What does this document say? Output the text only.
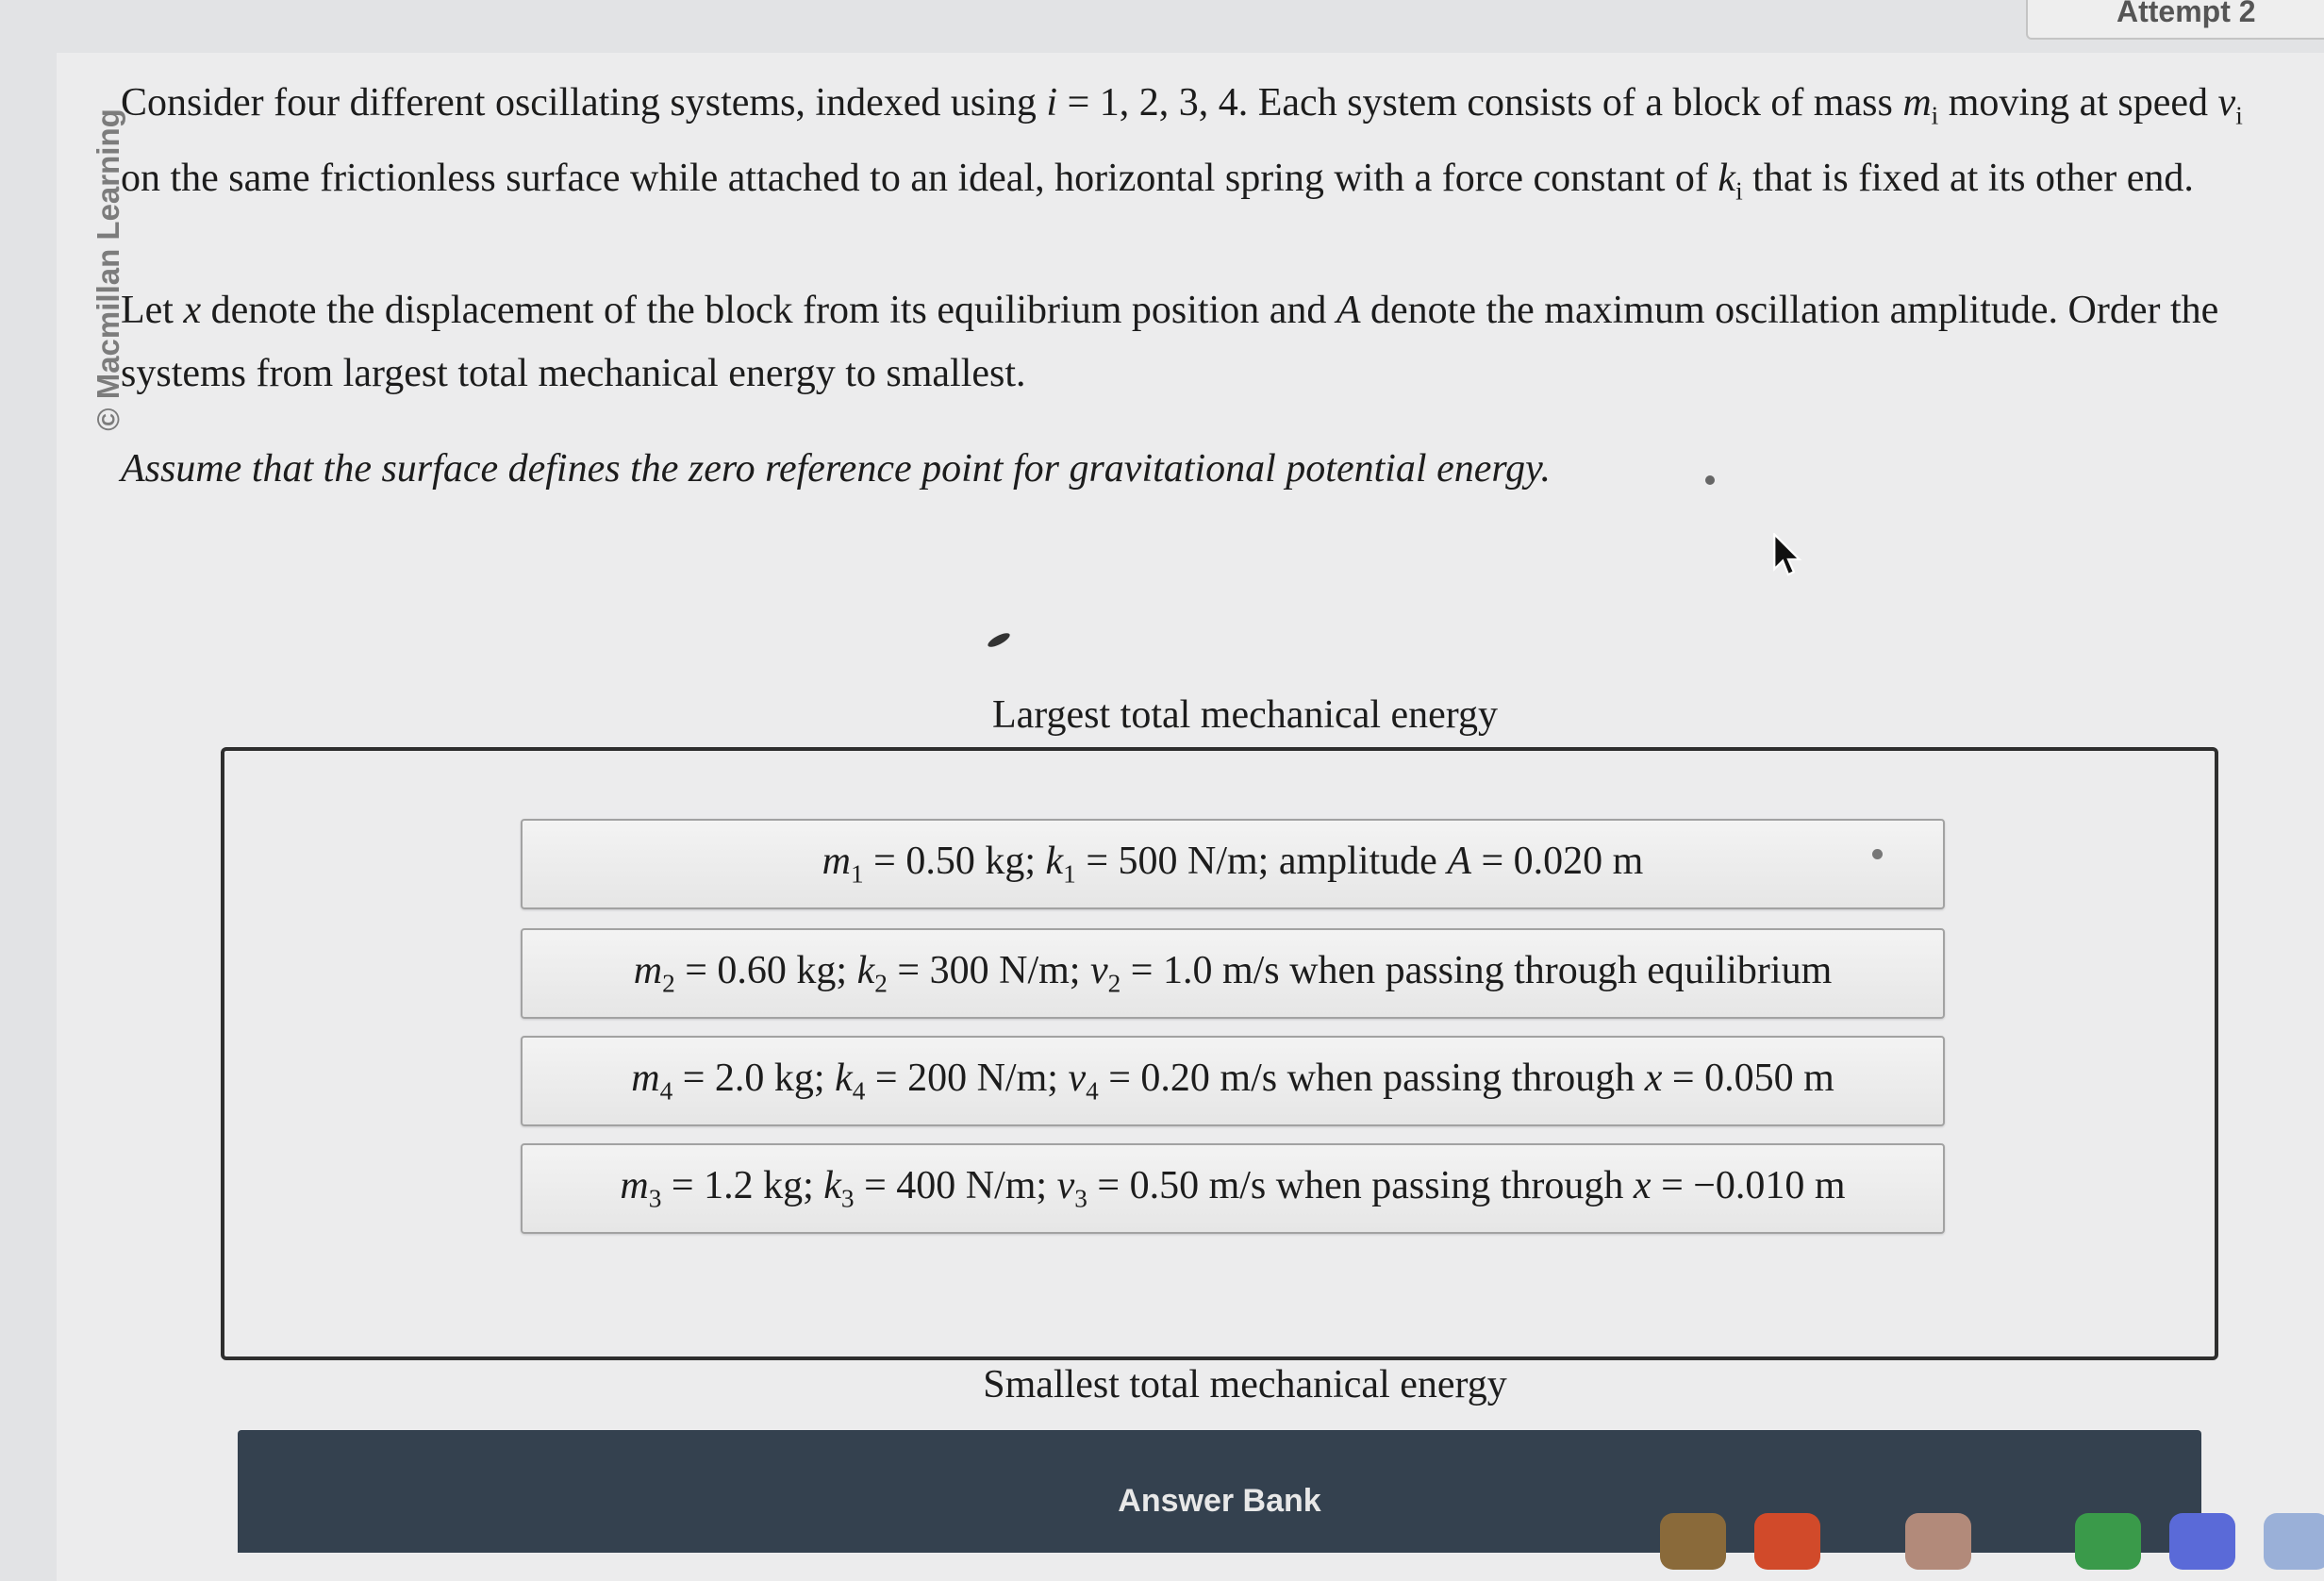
Attempt 2
© Macmillan Learning
Consider four different oscillating systems, indexed using i = 1, 2, 3, 4. Each system consists of a block of mass $m_i$ moving at speed $v_i$ on the same frictionless surface while attached to an ideal, horizontal spring with a force constant of $k_i$ that is fixed at its other end.
Let x denote the displacement of the block from its equilibrium position and A denote the maximum oscillation amplitude. Order the systems from largest total mechanical energy to smallest.
Assume that the surface defines the zero reference point for gravitational potential energy.
Largest total mechanical energy
$m_1 = 0.50$ kg; $k_1 = 500$ N/m; amplitude A = 0.020 m
$m_2 = 0.60$ kg; $k_2 = 300$ N/m; $v_2 = 1.0$ m/s when passing through equilibrium
$m_4 = 2.0$ kg; $k_4 = 200$ N/m; $v_4 = 0.20$ m/s when passing through x = 0.050 m
$m_3 = 1.2$ kg; $k_3 = 400$ N/m; $v_3 = 0.50$ m/s when passing through x = −0.010 m
Smallest total mechanical energy
Answer Bank
